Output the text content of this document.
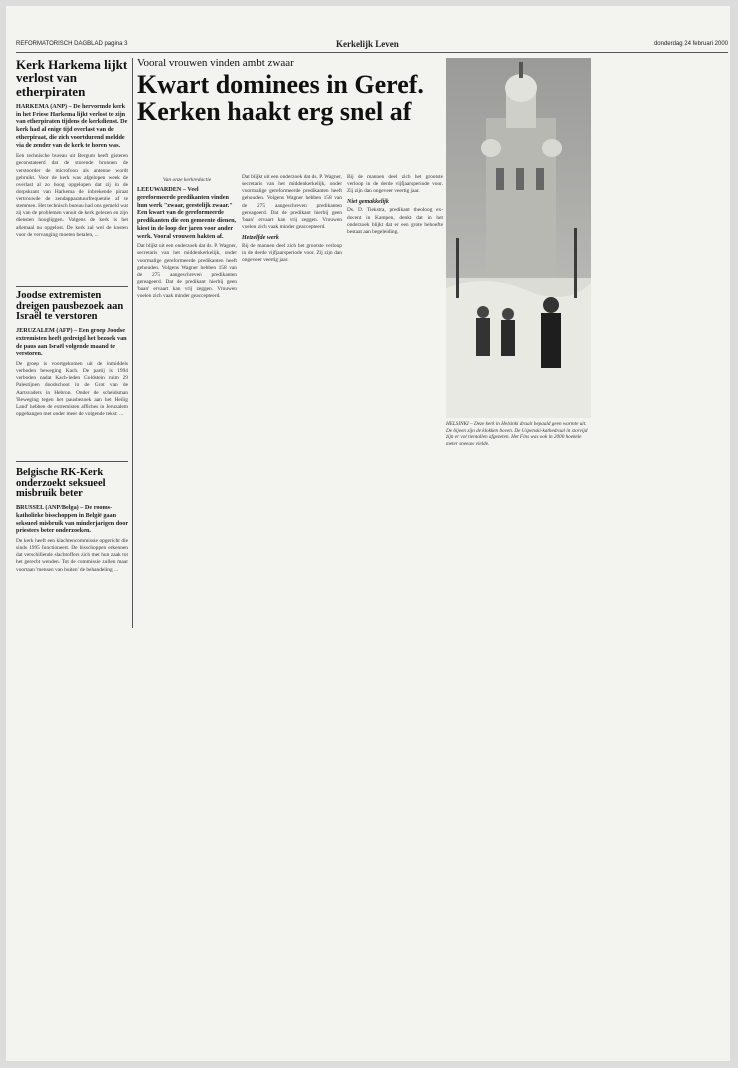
REFORMATORISCH DAGBLAD pagina 3	Kerkelijk Leven	donderdag 24 februari 2000
Kerk Harkema lijkt verlost van etherpiraten
HARKEMA (ANP) – De hervormde kerk in het Friese Harkema lijkt verlost te zijn van etherpiraten tijdens de kerkdienst. De kerk had al enige tijd overlast van de etherpiraat, die zich voortdurend meldde via de zender van de kerk te horen was.
Een technische bureau uit Bergum heeft gisteren geconstateerd dat de storende bronnen de verstoorder de microfoon als antenne wordt gebruikt. Voor de kerk was afgelopen week de overlast al zo hoog opgelopen dat zij in de dorpskrant van Harkema de inbrekende piraat vertrouwde de zendapparatuurfrequentie af te stemmen. Het technisch bureau had ons gemeld wat zij van de problemen vanuit de kerk gelezen en zijn diensten hoogliggen. Volgens de kerk is het allemaal nu opgelost. De kerk zal wel de kosten voor de vervanging moeten betalen, ...
Joodse extremisten dreigen pausbezoek aan Israël te verstoren
JERUZALEM (AFP) – Een groep Joodse extremisten heeft gedreigd het bezoek van de paus aan Israël volgende maand te verstoren.
De groep is voortgekomen uit de inmiddels verboden beweging Kach. De partij is 1994 verboden nadat Kach-leden Goldstein ruim 29 Palestijnen doodschoot in de Grot van de Aartsvaders in Hebron. Onder de scheidsman 'Beweging tegen het pausbezoek aan het Heilig Land' hebben de extremisten affiches in Jeruzalem opgehangen met onder meer de volgende tekst: ...
Belgische RK-Kerk onderzoekt seksueel misbruik beter
BRUSSEL (ANP/Belga) – De rooms-katholieke bisschoppen in België gaan seksueel misbruik van minderjarigen door priesters beter onderzoeken.
De kerk heeft een klachtencommissie opgericht die sinds 1995 functioneert. De bisschoppen erkennen dat verschillende slachtoffers zich met hun zaak tot het gerecht wenden. Tot de commissie zullen maar voortaan 'mensen van buiten' de behandeling ...
Vooral vrouwen vinden ambt zwaar
Kwart dominees in Geref. Kerken haakt erg snel af
Van onze kerkredactie
LEEUWARDEN – Veel gereformeerde predikanten vinden hun werk "zwaar, geestelijk zwaar." Een kwart van de gereformeerde predikanten die een gemeente dienen, kiest in de loop der jaren voor ander werk. Vooral vrouwen hakten af.
Dat blijkt uit een onderzoek dat ds. P. Wagner, secretaris van het middenkerkelijk, onder voormalige gereformeerde predikanten heeft gehouden. Volgens Wagner hebben 158 van de 275 aangeschreven predikanten gereageerd. Dat de predikant hierbij geen 'baan' ervaart kan vrij zeggen. Vrouwen voelen zich vaak minder geaccepteerd.
Dat blijkt uit een onderzoek dat ds. P. Wagner, secretaris van het middenkerkelijk, onder voormalige gereformeerde predikanten heeft gehouden. Volgens Wagner hebben 158 van de 275 aangeschreven predikanten gereageerd. Dat de predikant hierbij geen 'baan' ervaart kan vrij zeggen. Vrouwen voelen zich vaak minder geaccepteerd.
Hetzelfde werk
Bij de mannen deel zich het grootste verloop in de derde vijfjaarsperiode voor. Zij zijn dan ongeveer veertig jaar.
Bij de mannen deel zich het grootste verloop in de derde vijfjaarsperiode voor. Zij zijn dan ongeveer veertig jaar.
Niet gemakkelijk
Ds. D. Tiekstra, predikant theoloog ex-docent in Kampen, denkt dat in het onderzoek blijkt dat er een grote behoefte bestaat aan begeleiding.
HELSINKI – Deze kerk in Helsinki draait bepaald geen warmte uit. De bijeen zijn de klokken boven. De Uspenski-kathedraal in storvijd zijn er vol tientallen afgezeten. Het Fins was ook in 2000 hoekele meter sneeuw vielde.
